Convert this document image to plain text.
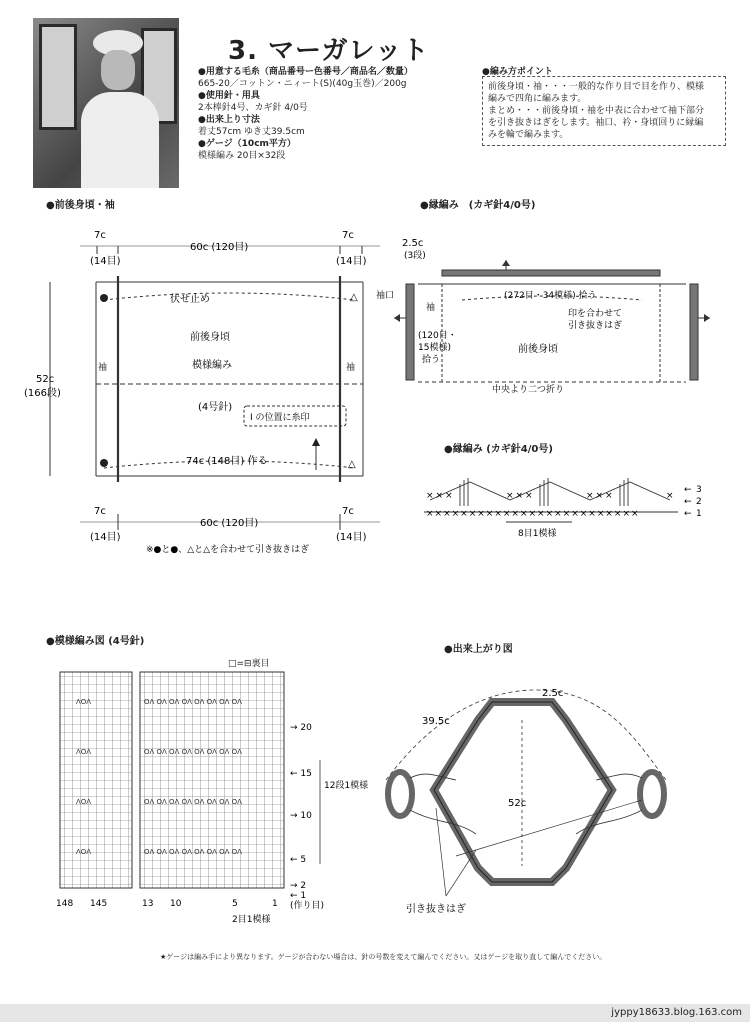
3. マーガレット
●用意する毛糸（商品番号ー色番号／商品名／数量）
665-20／コットン・ニィート(S)(40g玉巻)／200g
●使用針・用具
2本棒針4号、カギ針 4/0号
●出来上り寸法
着丈57cm ゆき丈39.5cm
●ゲージ（10cm平方）
模様編み 20目×32段
●編み方ポイント
前後身頃・袖・・・一般的な作り目で目を作り、模様
編みで四角に編みます。
まとめ・・・前後身頃・袖を中表に合わせて袖下部分
を引き抜きはぎをします。袖口、衿・身頃回りに縁編
みを輪で編みます。
●前後身頃・袖
△
△
7c
60c (120目)
7c
(14目)	(14目)
伏せ止め
前後身頃
模様編み
袖	袖
52c
(166段)
(4号針)
I の位置に糸印
74c (148目) 作る
7c
60c (120目)
7c
(14目)	(14目)
※●と●、△と△を合わせて引き抜きはぎ
●縁編み　(カギ針4/0号)
2.5c
(3段)
袖口
袖
(272目・34模様) 拾う
印を合わせて
引き抜きはぎ
(120目・
15模様)
拾う
前後身頃
中央より二つ折り
●縁編み (カギ針4/0号)
×××××××××××××××××××××××××
×××	×××	×××	×
← 3
← 2
← 1
8目1模様
●模様編み図 (4号針)
□=⊟裏目
ΛΟΛ	ΟΛ ΟΛ ΟΛ ΟΛ ΟΛ ΟΛ ΟΛ ΟΛ
ΛΟΛ	ΟΛ ΟΛ ΟΛ ΟΛ ΟΛ ΟΛ ΟΛ ΟΛ
ΛΟΛ	ΟΛ ΟΛ ΟΛ ΟΛ ΟΛ ΟΛ ΟΛ ΟΛ
ΛΟΛ	ΟΛ ΟΛ ΟΛ ΟΛ ΟΛ ΟΛ ΟΛ ΟΛ
→ 20
← 15
→ 10
← 5
→ 2
← 1
(作り目)
12段1模様
148 145	13 10	5	1
2目1模様
●出来上がり図
2.5c
39.5c
52c
引き抜きはぎ
★ゲージは編み手により異なります。ゲージが合わない場合は、針の号数を変えて編んでください。又はゲージを取り直して編んでください。
jyppy18633.blog.163.com
